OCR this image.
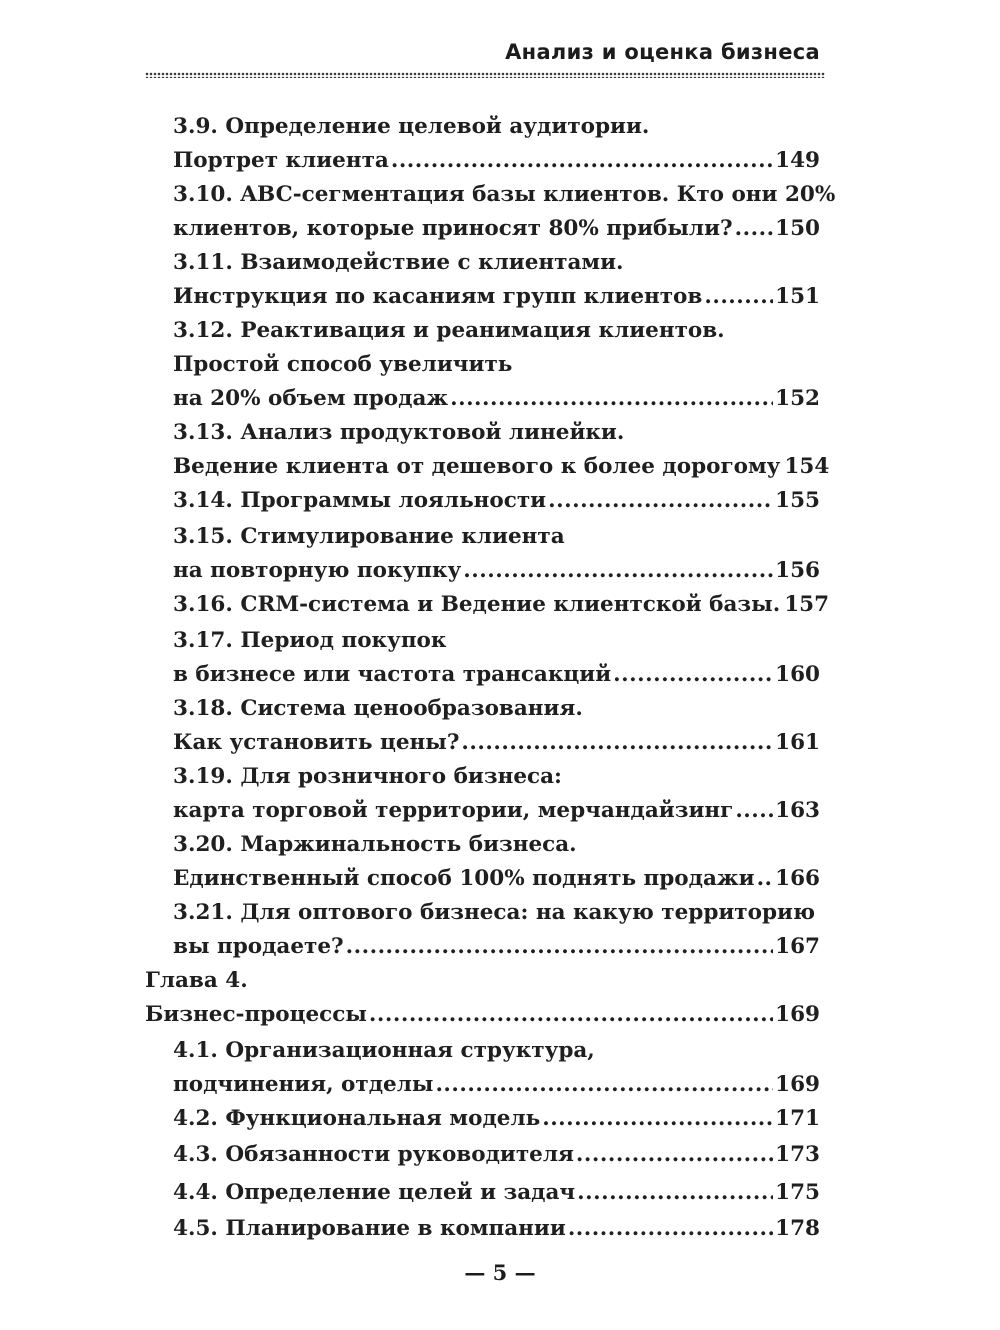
Анализ и оценка бизнеса
3.9. Определение целевой аудитории.
Портрет клиента .....	149
3.10. ABC-сегментация базы клиентов. Кто они 20%
клиентов, которые приносят 80% прибыли? ..... 150
3.11. Взаимодействие с клиентами.
Инструкция по касаниям групп клиентов .....	151
3.12. Реактивация и реанимация клиентов.
Простой способ увеличить
на 20% объем продаж .....	152
3.13. Анализ продуктовой линейки.
Ведение клиента от дешевого к более дорогому 154
3.14. Программы лояльности .....	155
3.15. Стимулирование клиента
на повторную покупку .....	156
3.16. CRM-система и Ведение клиентской базы. 157
3.17. Период покупок
в бизнесе или частота трансакций .....	160
3.18. Система ценообразования.
Как установить цены? .....	161
3.19. Для розничного бизнеса:
карта торговой территории, мерчандайзинг ..... 163
3.20. Маржинальность бизнеса.
Единственный способ 100% поднять продажи ..... 166
3.21. Для оптового бизнеса: на какую территорию
вы продаете? .....	167
Глава 4.
Бизнес-процессы .....	169
4.1. Организационная структура,
подчинения, отделы .....	169
4.2. Функциональная модель .....	171
4.3. Обязанности руководителя .....	173
4.4. Определение целей и задач .....	175
4.5. Планирование в компании .....	178
— 5 —
